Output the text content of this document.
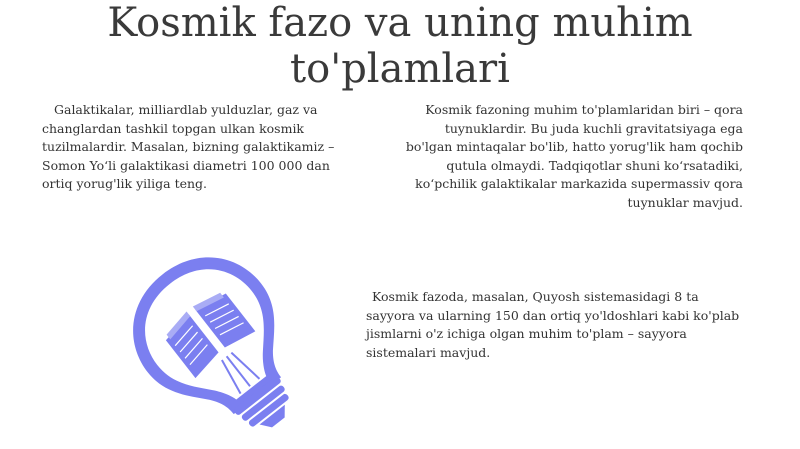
Kosmik fazo va uning muhim to'plamlari

Galaktikalar, milliardlab yulduzlar, gaz va changlardan tashkil topgan ulkan kosmik tuzilmalardir. Masalan, bizning galaktikamiz – Somon Yo‘li galaktikasi diametri 100 000 dan ortiq yorug'lik yiliga teng.

Kosmik fazoning muhim to'plamlaridan biri – qora tuynuklardir. Bu juda kuchli gravitatsiyaga ega bo'lgan mintaqalar bo'lib, hatto yorug'lik ham qochib qutula olmaydi. Tadqiqotlar shuni ko‘rsatadiki, ko‘pchilik galaktikalar markazida supermassiv qora tuynuklar mavjud.

Kosmik fazoda, masalan, Quyosh sistemasidagi 8 ta sayyora va ularning 150 dan ortiq yo'ldoshlari kabi ko'plab jismlarni o'z ichiga olgan muhim to'plam – sayyora sistemalari mavjud.
